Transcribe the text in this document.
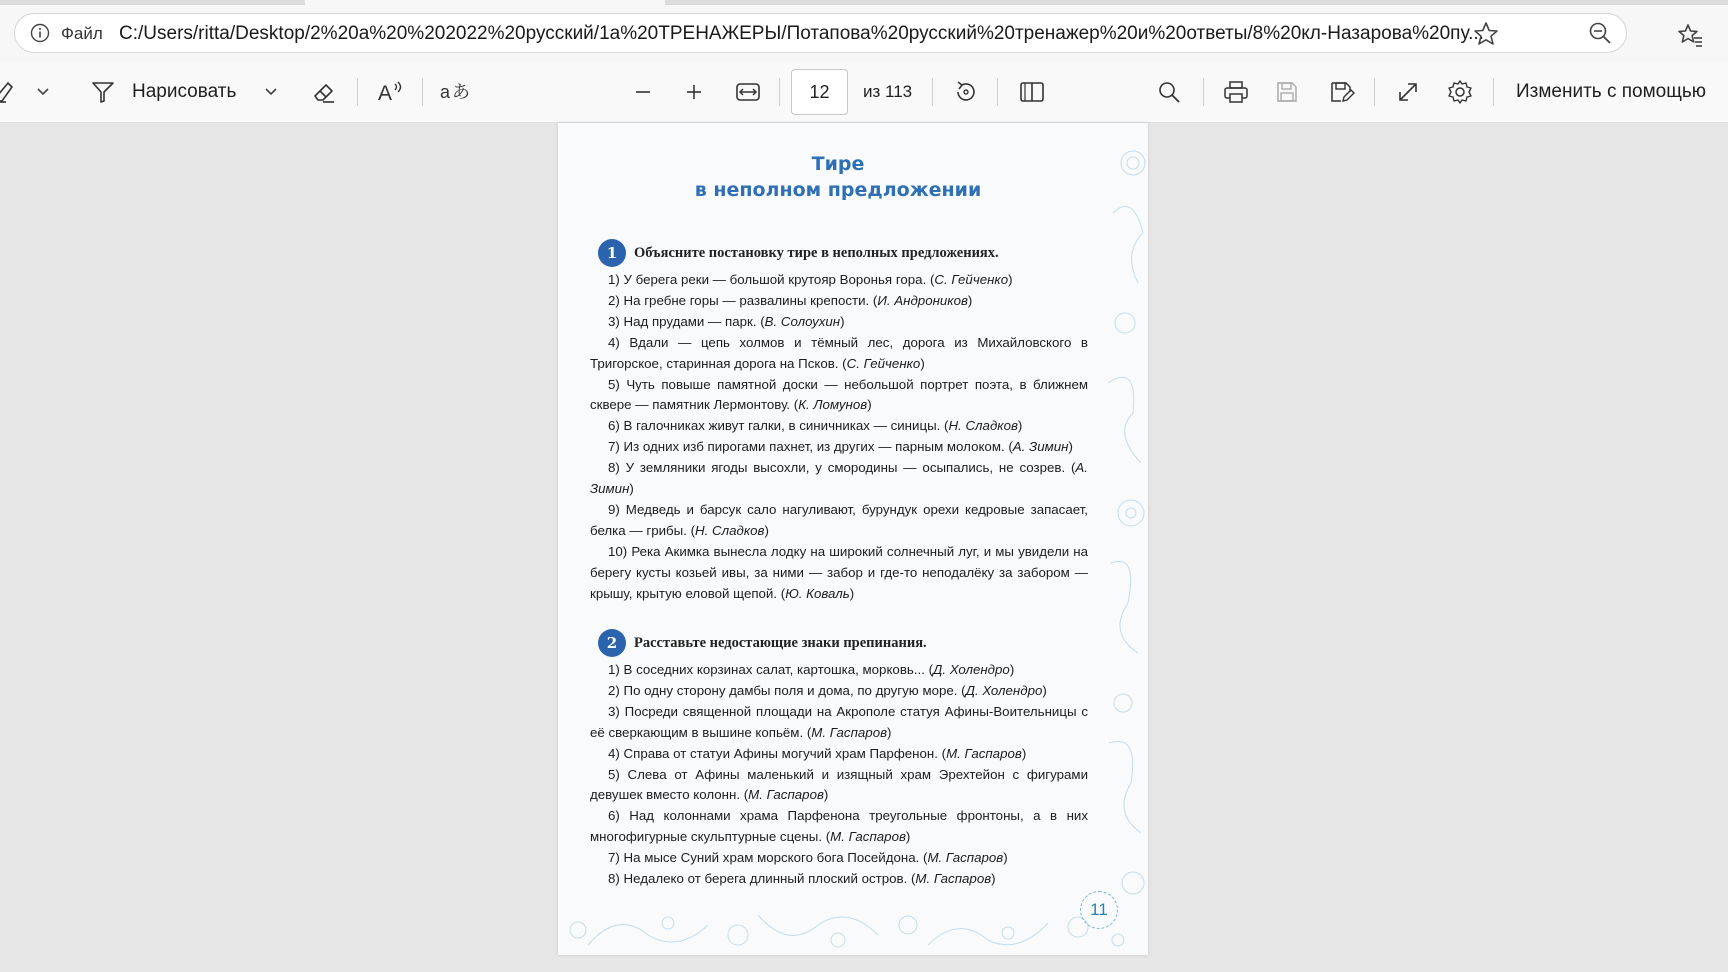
Файл C:/Users/ritta/Desktop/2%20a%20%202022%20русский/1a%20ТРЕНАЖЕРЫ/Потапова%20русский%20тренажер%20и%20ответы/8%20кл-Назарова%20пу...
Нарисовать	A	a あ
12	из 113	Изменить с помощью
Тире
в неполном предложении
1	Объясните постановку тире в неполных предложениях.
1) У берега реки — большой крутояр Воронья гора. (С. Гейченко)
2) На гребне горы — развалины крепости. (И. Андроников)
3) Над прудами — парк. (В. Солоухин)
4) Вдали — цепь холмов и тёмный лес, дорога из Михайловского в Тригорское, старинная дорога на Псков. (С. Гейченко)
5) Чуть повыше памятной доски — небольшой портрет поэта, в ближнем сквере — памятник Лермонтову. (К. Ломунов)
6) В галочниках живут галки, в синичниках — синицы. (Н. Сладков)
7) Из одних изб пирогами пахнет, из других — парным молоком. (А. Зимин)
8) У земляники ягоды высохли, у смородины — осыпались, не созрев. (А. Зимин)
9) Медведь и барсук сало нагуливают, бурундук орехи кедровые запасает, белка — грибы. (Н. Сладков)
10) Река Акимка вынесла лодку на широкий солнечный луг, и мы увидели на берегу кусты козьей ивы, за ними — забор и где-то неподалёку за забором — крышу, крытую еловой щепой. (Ю. Коваль)
2	Расставьте недостающие знаки препинания.
1) В соседних корзинах салат, картошка, морковь... (Д. Холендро)
2) По одну сторону дамбы поля и дома, по другую море. (Д. Холендро)
3) Посреди священной площади на Акрополе статуя Афины-Воительницы с её сверкающим в вышине копьём. (М. Гаспаров)
4) Справа от статуи Афины могучий храм Парфенон. (М. Гаспаров)
5) Слева от Афины маленький и изящный храм Эрехтейон с фигурами девушек вместо колонн. (М. Гаспаров)
6) Над колоннами храма Парфенона треугольные фронтоны, а в них многофигурные скульптурные сцены. (М. Гаспаров)
7) На мысе Суний храм морского бога Посейдона. (М. Гаспаров)
8) Недалеко от берега длинный плоский остров. (М. Гаспаров)
11
